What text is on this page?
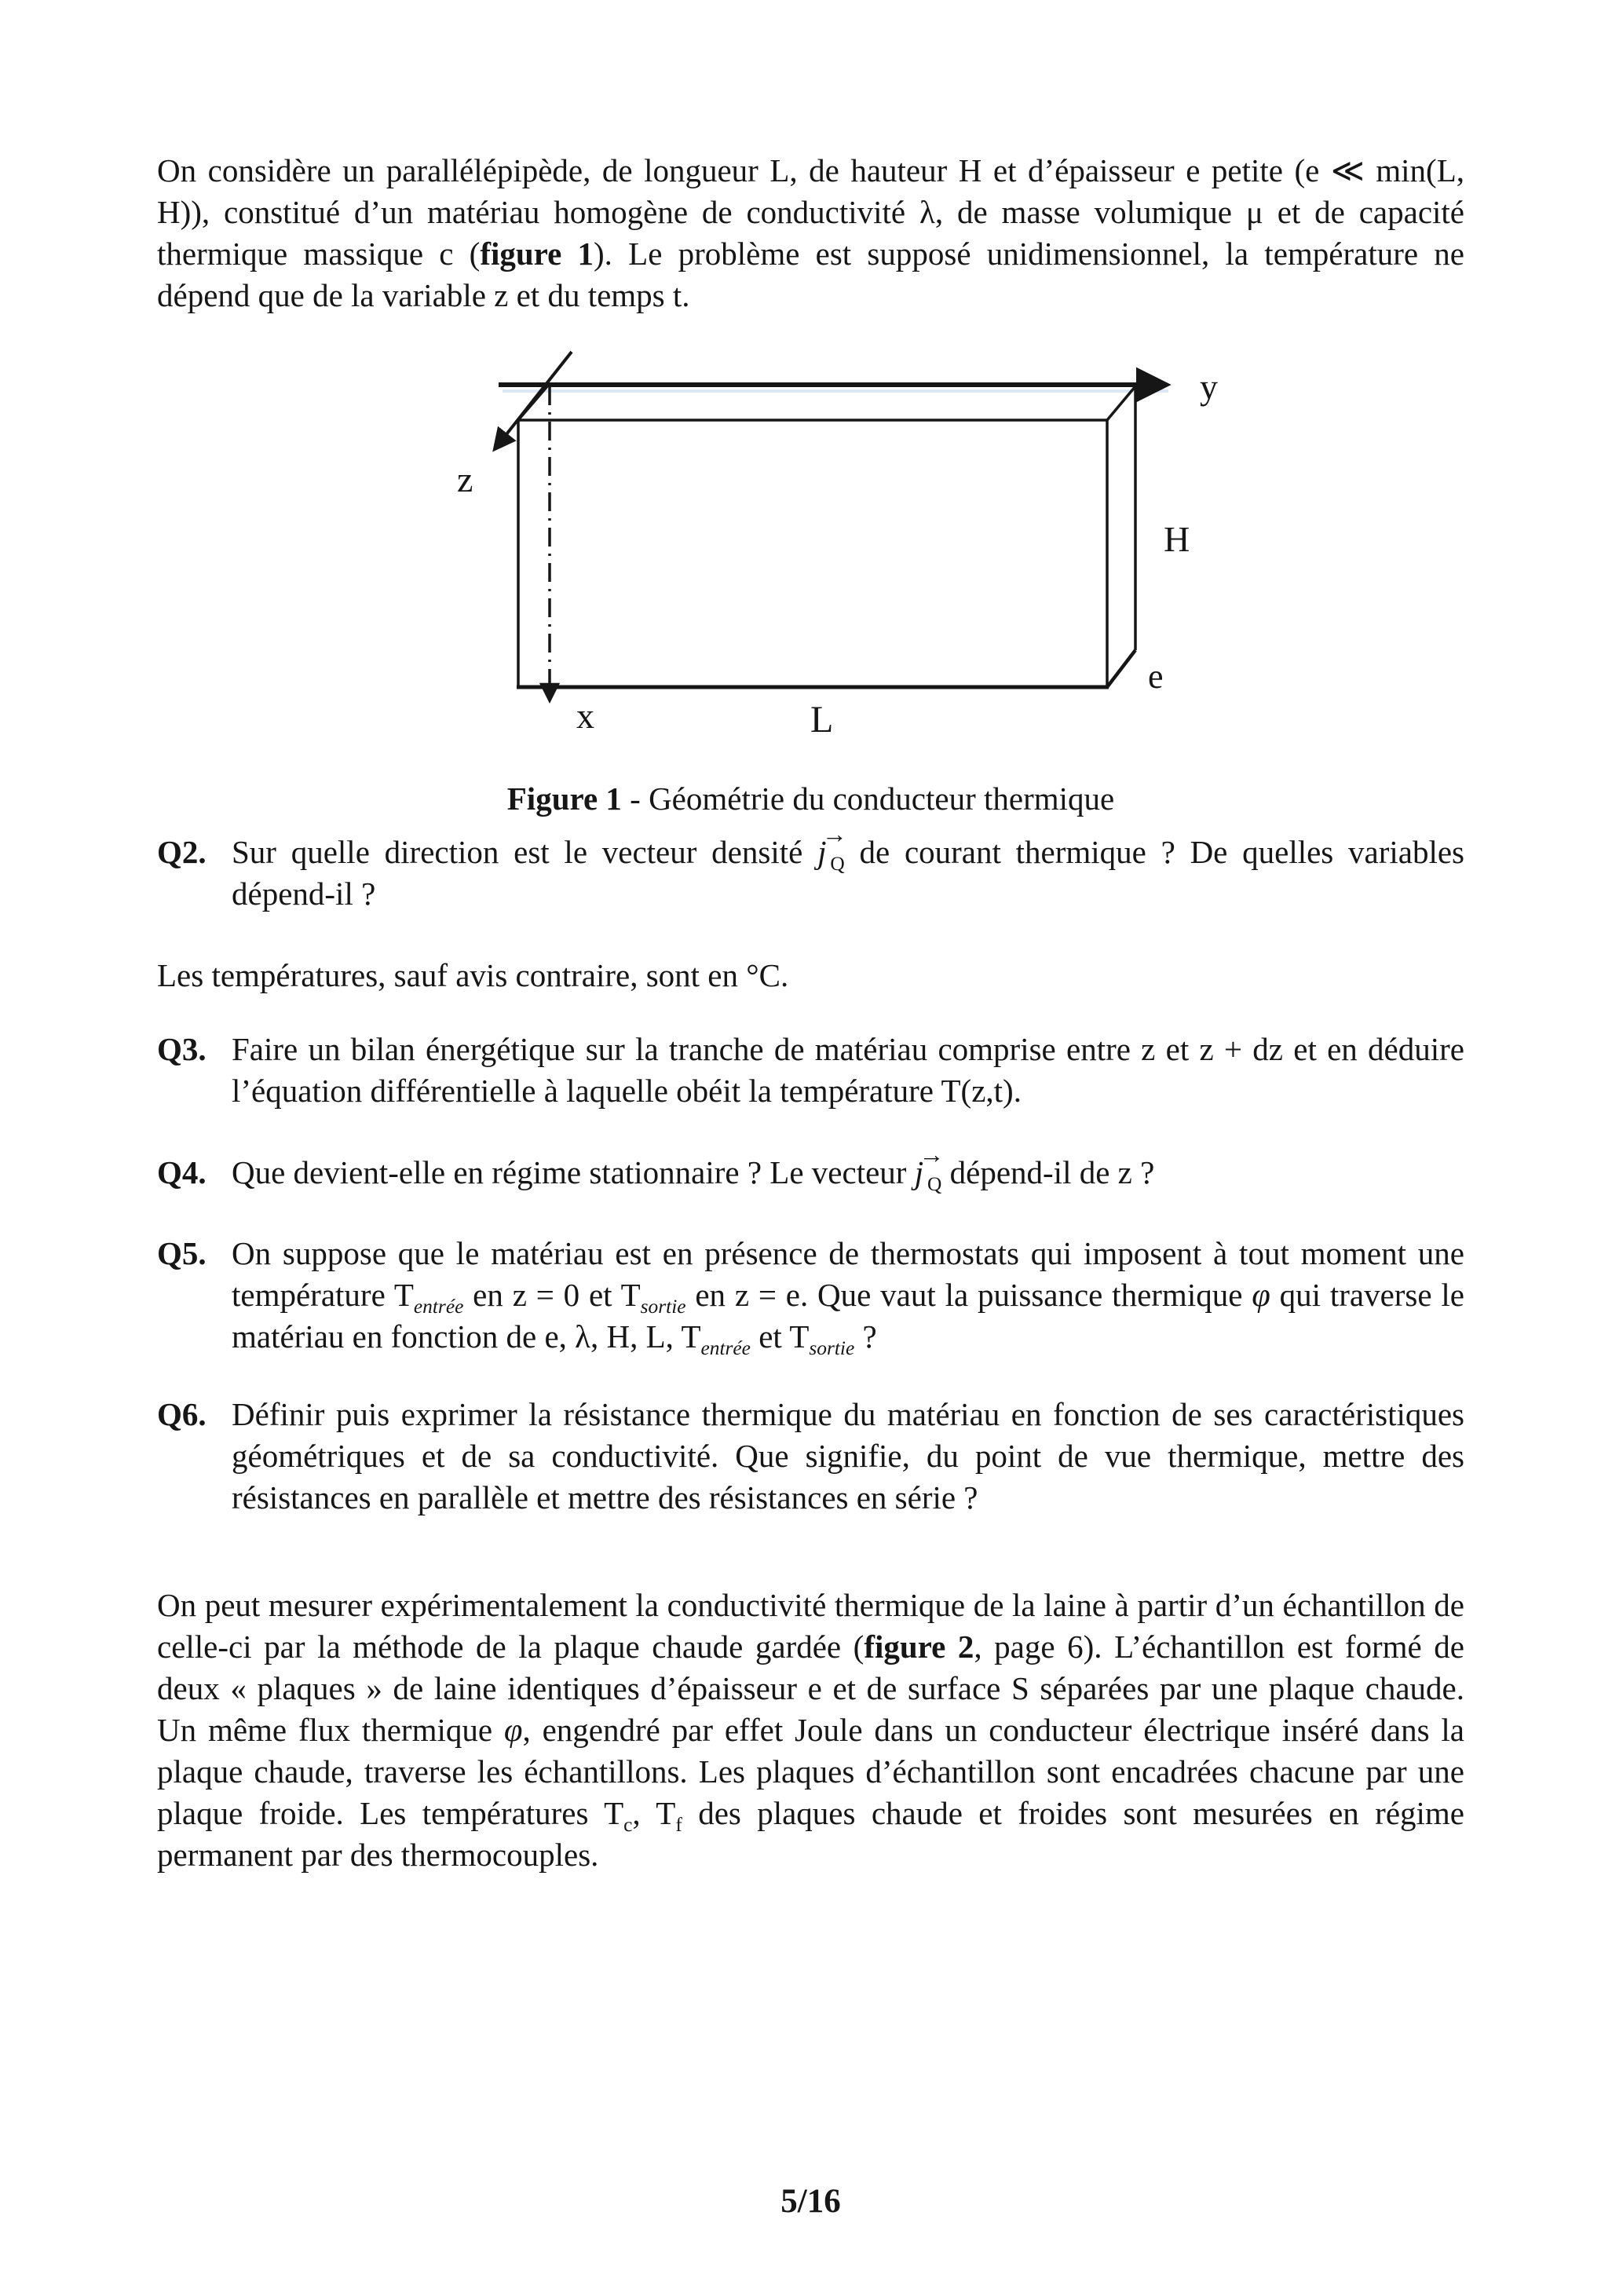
On considère un parallélépipède, de longueur L, de hauteur H et d’épaisseur e petite (e ≪ min(L, H)), constitué d’un matériau homogène de conductivité λ, de masse volumique μ et de capacité thermique massique c (figure 1). Le problème est supposé unidimensionnel, la température ne dépend que de la variable z et du temps t.

y
z
x
H
e
L

Figure 1 - Géométrie du conducteur thermique

Q2. Sur quelle direction est le vecteur densité →
j $_Q$ de courant thermique ? De quelles variables dépend-il ?

Les températures, sauf avis contraire, sont en °C.

Q3. Faire un bilan énergétique sur la tranche de matériau comprise entre z et z + dz et en déduire l’équation différentielle à laquelle obéit la température T(z,t).
Q4. Que devient-elle en régime stationnaire ? Le vecteur →
j $_Q$ dépend-il de z ?
Q5. On suppose que le matériau est en présence de thermostats qui imposent à tout moment une température $T_{entrée}$ en z = 0 et $T_{sortie}$ en z = e. Que vaut la puissance thermique φ qui traverse le matériau en fonction de e, λ, H, L, $T_{entrée}$ et $T_{sortie}$ ?
Q6. Définir puis exprimer la résistance thermique du matériau en fonction de ses caractéristiques géométriques et de sa conductivité. Que signifie, du point de vue thermique, mettre des résistances en parallèle et mettre des résistances en série ?

On peut mesurer expérimentalement la conductivité thermique de la laine à partir d’un échantillon de celle-ci par la méthode de la plaque chaude gardée (figure 2, page 6). L’échantillon est formé de deux « plaques » de laine identiques d’épaisseur e et de surface S séparées par une plaque chaude. Un même flux thermique φ, engendré par effet Joule dans un conducteur électrique inséré dans la plaque chaude, traverse les échantillons. Les plaques d’échantillon sont encadrées chacune par une plaque froide. Les températures $T_c$, $T_f$ des plaques chaude et froides sont mesurées en régime permanent par des thermocouples.

5/16
